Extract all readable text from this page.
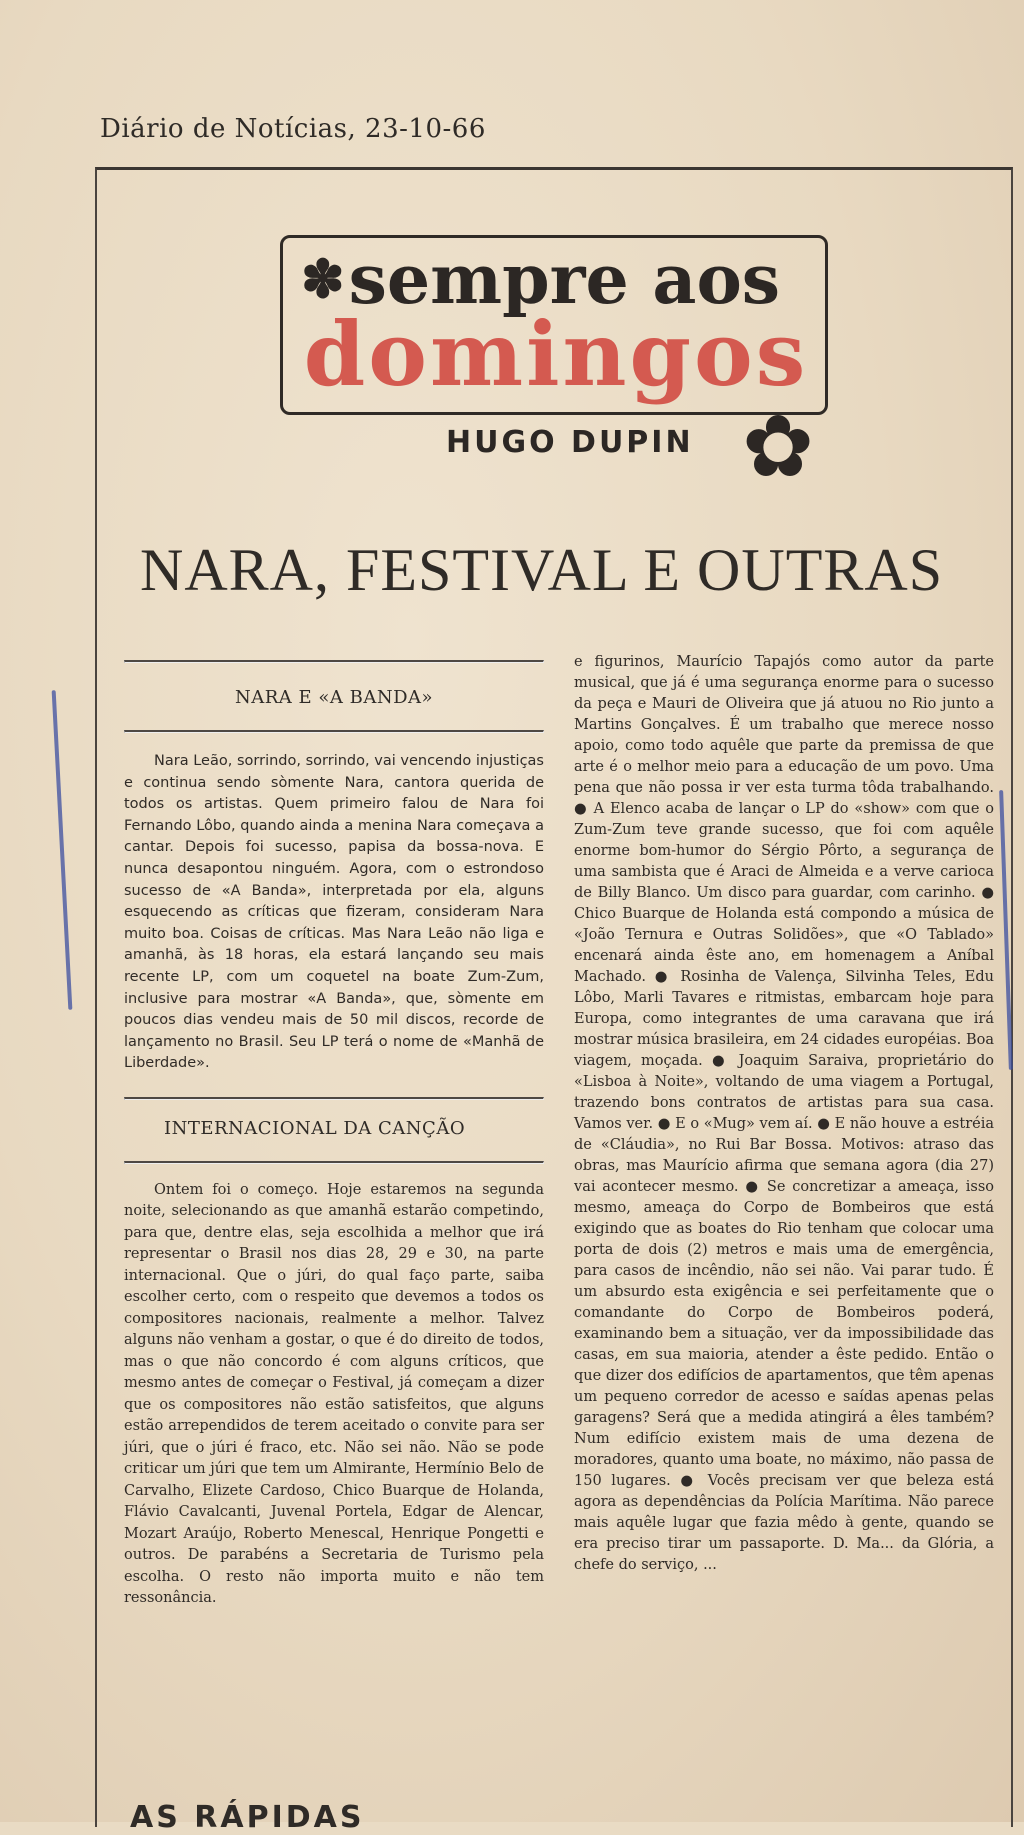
Diário de Notícias, 23-10-66
✽sempre aos
domingos
HUGO DUPIN ✿
NARA, FESTIVAL E OUTRAS
NARA E «A BANDA»

Nara Leão, sorrindo, sorrindo, vai vencendo injustiças e continua sendo sòmente Nara, cantora querida de todos os artistas. Quem primeiro falou de Nara foi Fernando Lôbo, quando ainda a menina Nara começava a cantar. Depois foi sucesso, papisa da bossa-nova. E nunca desapontou ninguém. Agora, com o estrondoso sucesso de «A Banda», interpretada por ela, alguns esquecendo as críticas que fizeram, consideram Nara muito boa. Coisas de críticas. Mas Nara Leão não liga e amanhã, às 18 horas, ela estará lançando seu mais recente LP, com um coquetel na boate Zum-Zum, inclusive para mostrar «A Banda», que, sòmente em poucos dias vendeu mais de 50 mil discos, recorde de lançamento no Brasil. Seu LP terá o nome de «Manhã de Liberdade».

INTERNACIONAL DA CANÇÃO

Ontem foi o começo. Hoje estaremos na segunda noite, selecionando as que amanhã estarão competindo, para que, dentre elas, seja escolhida a melhor que irá representar o Brasil nos dias 28, 29 e 30, na parte internacional. Que o júri, do qual faço parte, saiba escolher certo, com o respeito que devemos a todos os compositores nacionais, realmente a melhor. Talvez alguns não venham a gostar, o que é do direito de todos, mas o que não concordo é com alguns críticos, que mesmo antes de começar o Festival, já começam a dizer que os compositores não estão satisfeitos, que alguns estão arrependidos de terem aceitado o convite para ser júri, que o júri é fraco, etc. Não sei não. Não se pode criticar um júri que tem um Almirante, Hermínio Belo de Carvalho, Elizete Cardoso, Chico Buarque de Holanda, Flávio Cavalcanti, Juvenal Portela, Edgar de Alencar, Mozart Araújo, Roberto Menescal, Henrique Pongetti e outros. De parabéns a Secretaria de Turismo pela escolha. O resto não importa muito e não tem ressonância.

e figurinos, Maurício Tapajós como autor da parte musical, que já é uma segurança enorme para o sucesso da peça e Mauri de Oliveira que já atuou no Rio junto a Martins Gonçalves. É um trabalho que merece nosso apoio, como todo aquêle que parte da premissa de que arte é o melhor meio para a educação de um povo. Uma pena que não possa ir ver esta turma tôda trabalhando. ● A Elenco acaba de lançar o LP do «show» com que o Zum-Zum teve grande sucesso, que foi com aquêle enorme bom-humor do Sérgio Pôrto, a segurança de uma sambista que é Araci de Almeida e a verve carioca de Billy Blanco. Um disco para guardar, com carinho. ● Chico Buarque de Holanda está compondo a música de «João Ternura e Outras Solidões», que «O Tablado» encenará ainda êste ano, em homenagem a Aníbal Machado. ● Rosinha de Valença, Silvinha Teles, Edu Lôbo, Marli Tavares e ritmistas, embarcam hoje para Europa, como integrantes de uma caravana que irá mostrar música brasileira, em 24 cidades européias. Boa viagem, moçada. ● Joaquim Saraiva, proprietário do «Lisboa à Noite», voltando de uma viagem a Portugal, trazendo bons contratos de artistas para sua casa. Vamos ver. ● E o «Mug» vem aí. ● E não houve a estréia de «Cláudia», no Rui Bar Bossa. Motivos: atraso das obras, mas Maurício afirma que semana agora (dia 27) vai acontecer mesmo. ● Se concretizar a ameaça, isso mesmo, ameaça do Corpo de Bombeiros que está exigindo que as boates do Rio tenham que colocar uma porta de dois (2) metros e mais uma de emergência, para casos de incêndio, não sei não. Vai parar tudo. É um absurdo esta exigência e sei perfeitamente que o comandante do Corpo de Bombeiros poderá, examinando bem a situação, ver da impossibilidade das casas, em sua maioria, atender a êste pedido. Então o que dizer dos edifícios de apartamentos, que têm apenas um pequeno corredor de acesso e saídas apenas pelas garagens? Será que a medida atingirá a êles também? Num edifício existem mais de uma dezena de moradores, quanto uma boate, no máximo, não passa de 150 lugares. ● Vocês precisam ver que beleza está agora as dependências da Polícia Marítima. Não parece mais aquêle lugar que fazia mêdo à gente, quando se era preciso tirar um passaporte. D. Ma... da Glória, a chefe do serviço, ...

AS RÁPIDAS
